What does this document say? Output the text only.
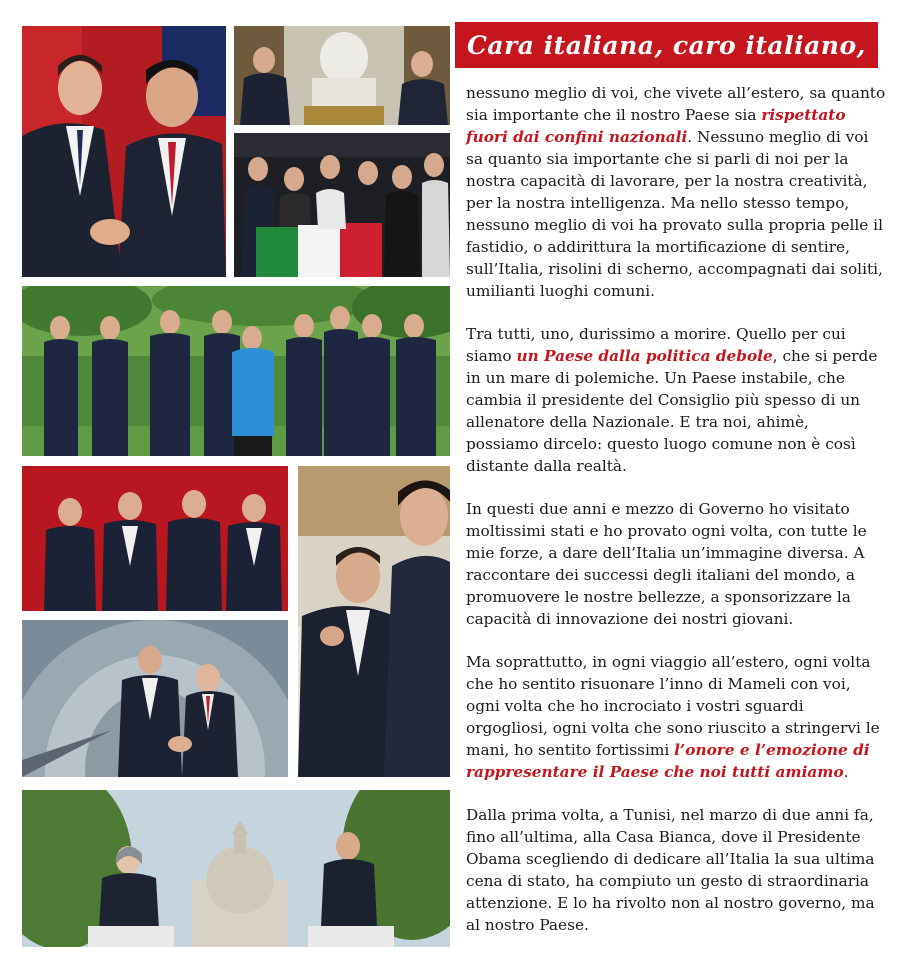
Cara italiana, caro italiano,

nessuno meglio di voi, che vivete all’estero, sa quanto sia importante che il nostro Paese sia rispettato fuori dai confini nazionali. Nessuno meglio di voi sa quanto sia importante che si parli di noi per la nostra capacità di lavorare, per la nostra creatività, per la nostra intelligenza. Ma nello stesso tempo, nessuno meglio di voi ha provato sulla propria pelle il fastidio, o addirittura la mortificazione di sentire, sull’Italia, risolini di scherno, accompagnati dai soliti, umilianti luoghi comuni.

Tra tutti, uno, durissimo a morire. Quello per cui siamo un Paese dalla politica debole, che si perde in un mare di polemiche. Un Paese instabile, che cambia il presidente del Consiglio più spesso di un allenatore della Nazionale. E tra noi, ahimè, possiamo dircelo: questo luogo comune non è così distante dalla realtà.

In questi due anni e mezzo di Governo ho visitato moltissimi stati e ho provato ogni volta, con tutte le mie forze, a dare dell’Italia un’immagine diversa. A raccontare dei successi degli italiani del mondo, a promuovere le nostre bellezze, a sponsorizzare la capacità di innovazione dei nostri giovani.

Ma soprattutto, in ogni viaggio all’estero, ogni volta che ho sentito risuonare l’inno di Mameli con voi, ogni volta che ho incrociato i vostri sguardi orgogliosi, ogni volta che sono riuscito a stringervi le mani, ho sentito fortissimi l’onore e l’emozione di rappresentare il Paese che noi tutti amiamo.

Dalla prima volta, a Tunisi, nel marzo di due anni fa, fino all’ultima, alla Casa Bianca, dove il Presidente Obama scegliendo di dedicare all’Italia la sua ultima cena di stato, ha compiuto un gesto di straordinaria attenzione. E lo ha rivolto non al nostro governo, ma al nostro Paese.
